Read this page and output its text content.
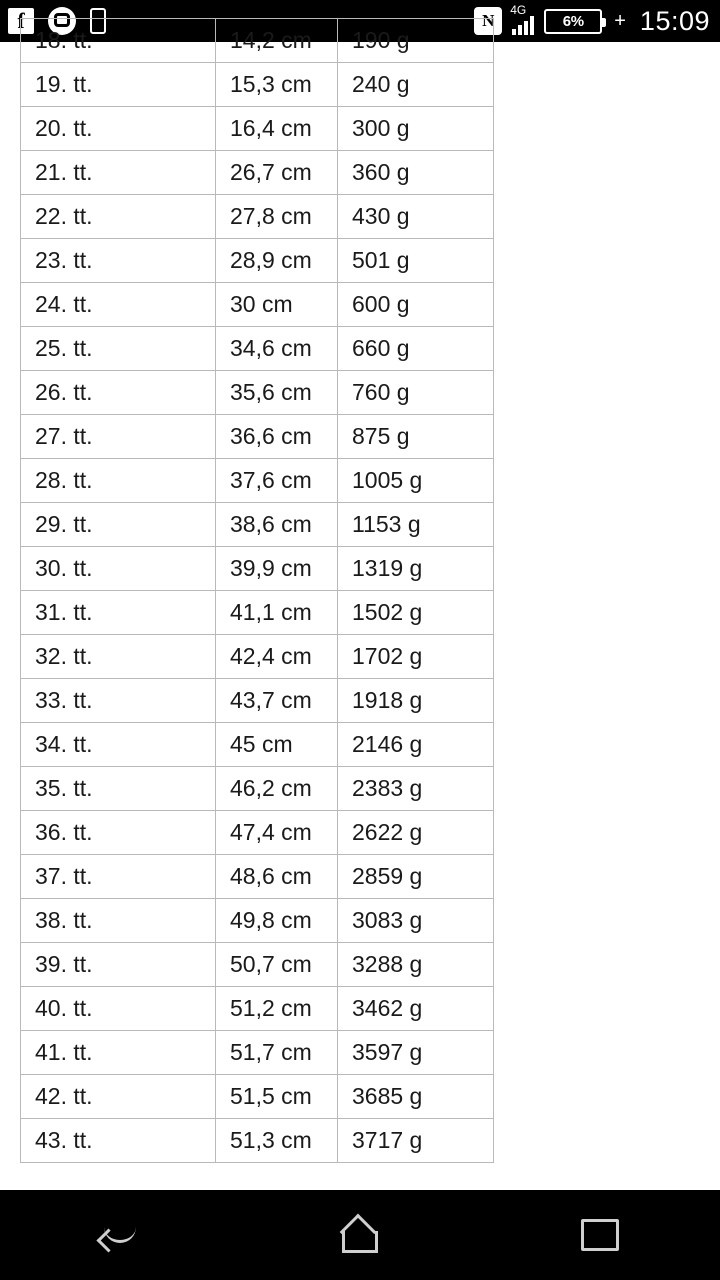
f	N
4G
6% + 15:09
18. tt.	14,2 cm	190 g
19. tt.	15,3 cm	240 g
20. tt.	16,4 cm	300 g
21. tt.	26,7 cm	360 g
22. tt.	27,8 cm	430 g
23. tt.	28,9 cm	501 g
24. tt.	30 cm	600 g
25. tt.	34,6 cm	660 g
26. tt.	35,6 cm	760 g
27. tt.	36,6 cm	875 g
28. tt.	37,6 cm	1005 g
29. tt.	38,6 cm	1153 g
30. tt.	39,9 cm	1319 g
31. tt.	41,1 cm	1502 g
32. tt.	42,4 cm	1702 g
33. tt.	43,7 cm	1918 g
34. tt.	45 cm	2146 g
35. tt.	46,2 cm	2383 g
36. tt.	47,4 cm	2622 g
37. tt.	48,6 cm	2859 g
38. tt.	49,8 cm	3083 g
39. tt.	50,7 cm	3288 g
40. tt.	51,2 cm	3462 g
41. tt.	51,7 cm	3597 g
42. tt.	51,5 cm	3685 g
43. tt.	51,3 cm	3717 g
